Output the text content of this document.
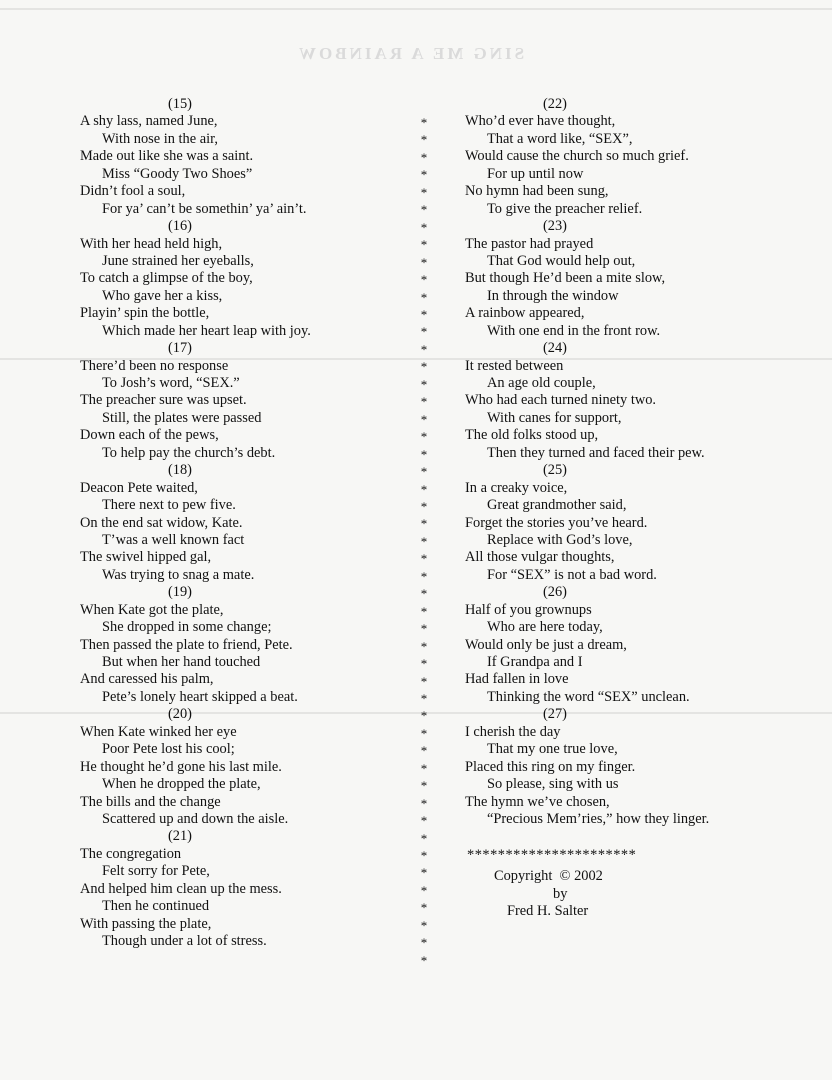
SING ME A RAINBOW
(15)
A shy lass, named June,
With nose in the air,
Made out like she was a saint.
Miss “Goody Two Shoes”
Didn’t fool a soul,
For ya’ can’t be somethin’ ya’ ain’t.
(16)
With her head held high,
June strained her eyeballs,
To catch a glimpse of the boy,
Who gave her a kiss,
Playin’ spin the bottle,
Which made her heart leap with joy.
(17)
There’d been no response
To Josh’s word, “SEX.”
The preacher sure was upset.
Still, the plates were passed
Down each of the pews,
To help pay the church’s debt.
(18)
Deacon Pete waited,
There next to pew five.
On the end sat widow, Kate.
T’was a well known fact
The swivel hipped gal,
Was trying to snag a mate.
(19)
When Kate got the plate,
She dropped in some change;
Then passed the plate to friend, Pete.
But when her hand touched
And caressed his palm,
Pete’s lonely heart skipped a beat.
(20)
When Kate winked her eye
Poor Pete lost his cool;
He thought he’d gone his last mile.
When he dropped the plate,
The bills and the change
Scattered up and down the aisle.
(21)
The congregation
Felt sorry for Pete,
And helped him clean up the mess.
Then he continued
With passing the plate,
Though under a lot of stress.
*
*
*
*
*
*
*
*
*
*
*
*
*
*
*
*
*
*
*
*
*
*
*
*
*
*
*
*
*
*
*
*
*
*
*
*
*
*
*
*
*
*
*
*
*
*
*
*
*
(22)
Who’d ever have thought,
That a word like, “SEX”,
Would cause the church so much grief.
For up until now
No hymn had been sung,
To give the preacher relief.
(23)
The pastor had prayed
That God would help out,
But though He’d been a mite slow,
In through the window
A rainbow appeared,
With one end in the front row.
(24)
It rested between
An age old couple,
Who had each turned ninety two.
With canes for support,
The old folks stood up,
Then they turned and faced their pew.
(25)
In a creaky voice,
Great grandmother said,
Forget the stories you’ve heard.
Replace with God’s love,
All those vulgar thoughts,
For “SEX” is not a bad word.
(26)
Half of you grownups
Who are here today,
Would only be just a dream,
If Grandpa and I
Had fallen in love
Thinking the word “SEX” unclean.
(27)
I cherish the day
That my one true love,
Placed this ring on my finger.
So please, sing with us
The hymn we’ve chosen,
“Precious Mem’ries,” how they linger.
**********************
Copyright  © 2002
by
Fred H. Salter
